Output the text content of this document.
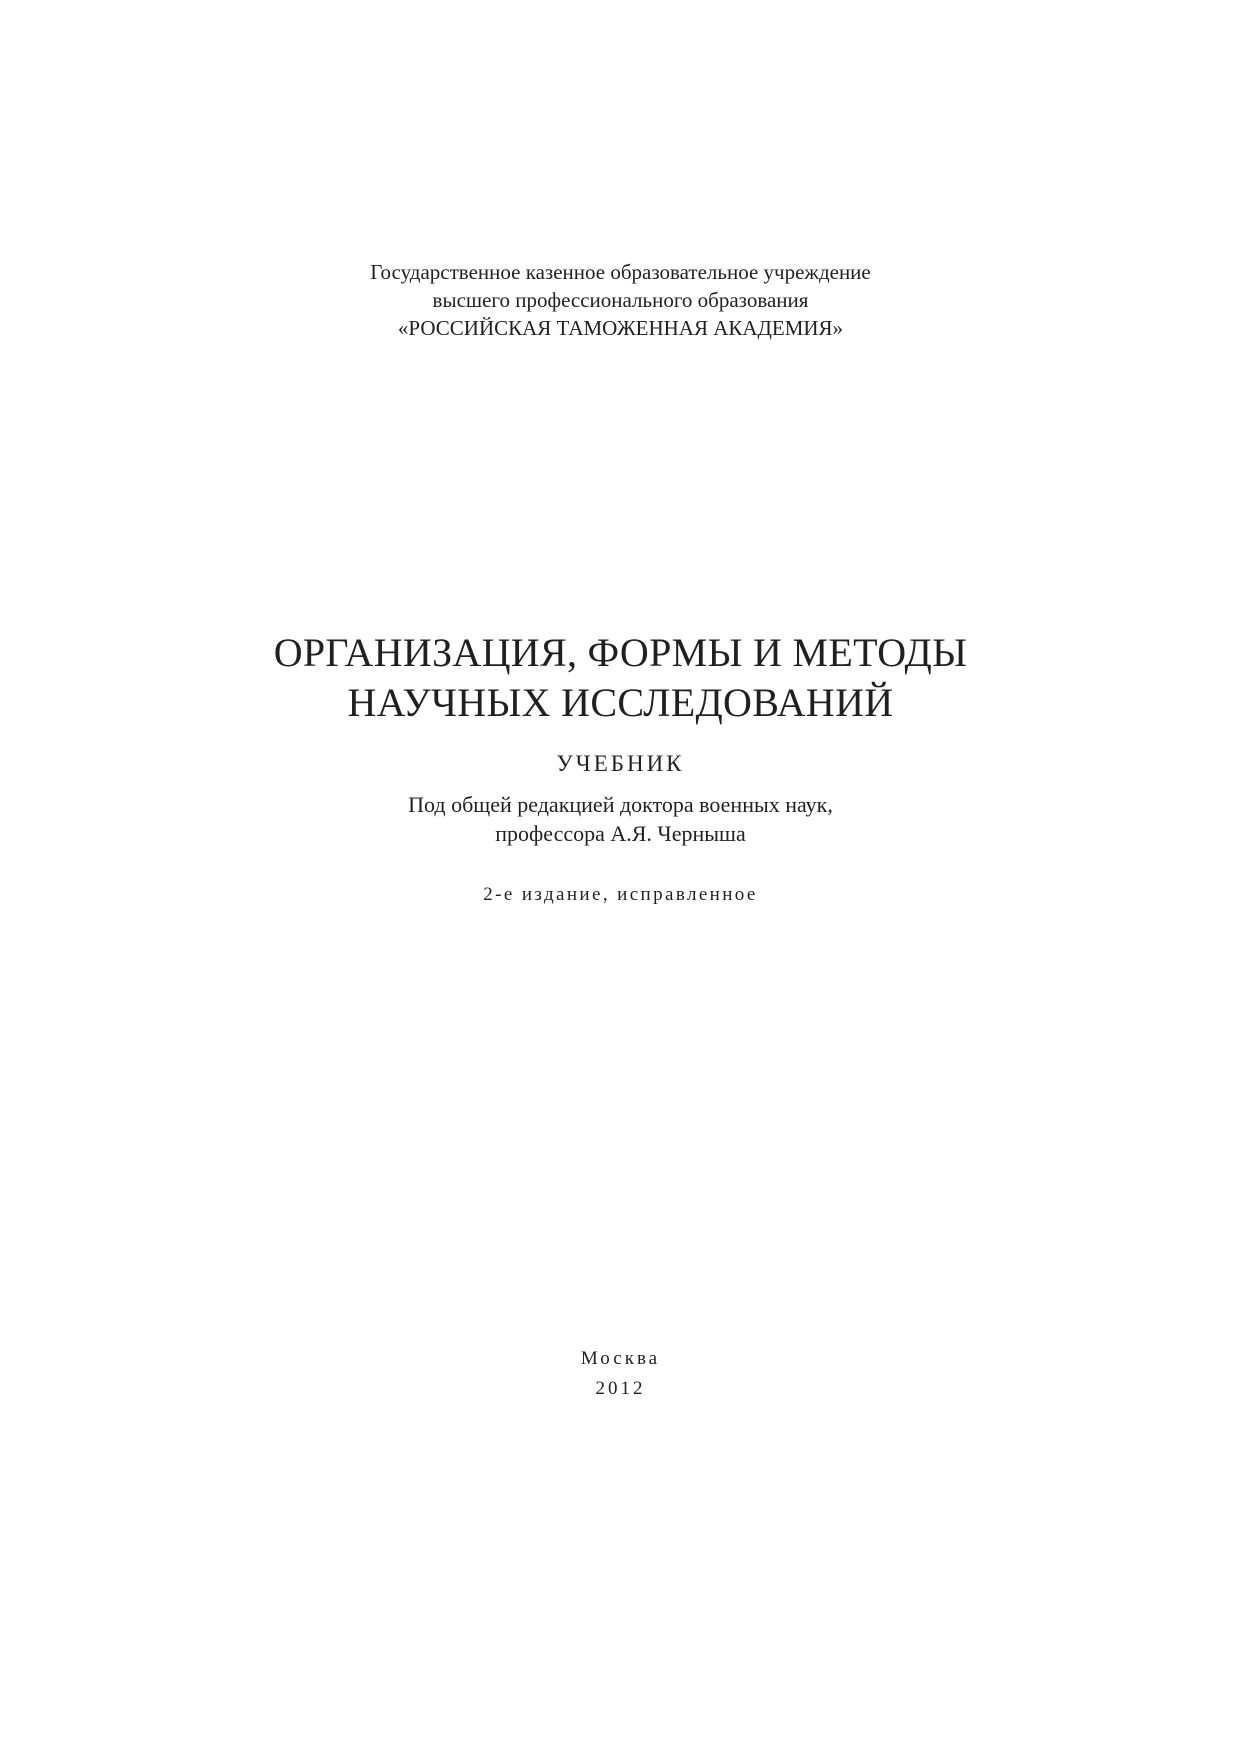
Государственное казенное образовательное учреждение
высшего профессионального образования
«РОССИЙСКАЯ ТАМОЖЕННАЯ АКАДЕМИЯ»
ОРГАНИЗАЦИЯ, ФОРМЫ И МЕТОДЫ
НАУЧНЫХ ИССЛЕДОВАНИЙ
УЧЕБНИК
Под общей редакцией доктора военных наук,
профессора А.Я. Черныша
2-е издание, исправленное
Москва
2012
